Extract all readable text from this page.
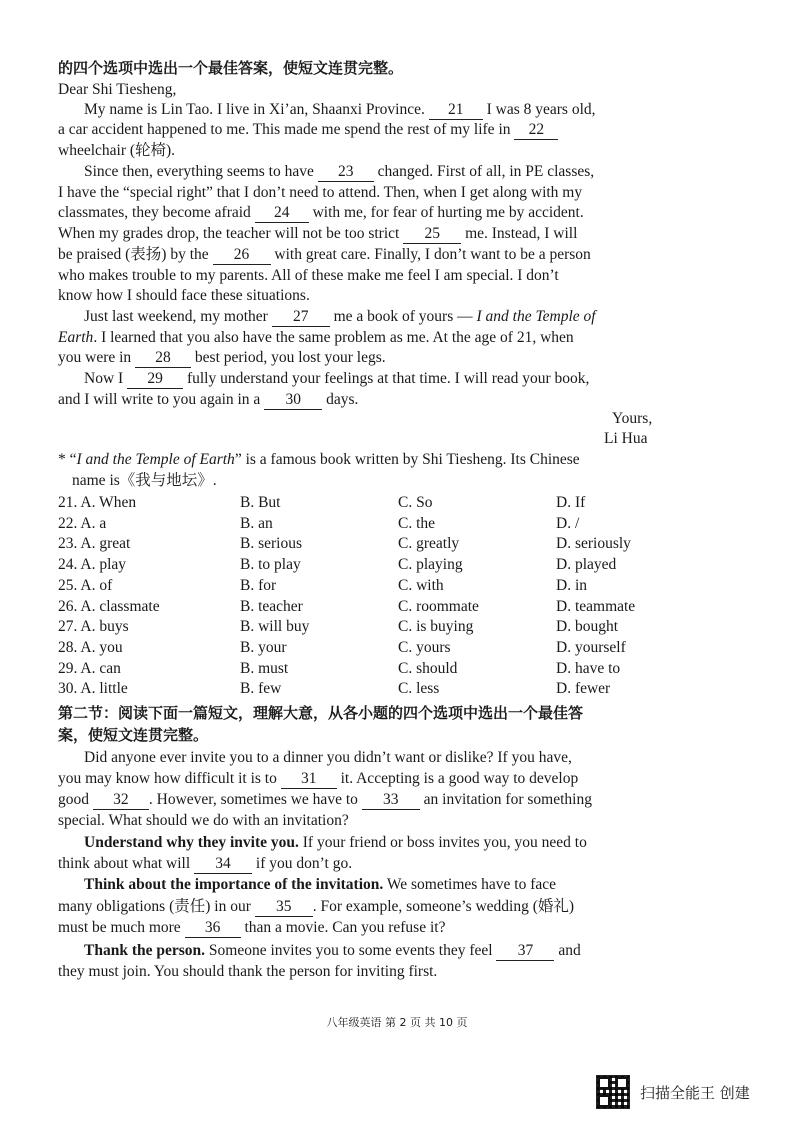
的四个选项中选出一个最佳答案，使短文连贯完整。
Dear Shi Tiesheng,
My name is Lin Tao. I live in Xi’an, Shaanxi Province. 21 I was 8 years old,
a car accident happened to me. This made me spend the rest of my life in 22
wheelchair (轮椅).
Since then, everything seems to have 23 changed. First of all, in PE classes,
I have the “special right” that I don’t need to attend. Then, when I get along with my
classmates, they become afraid 24 with me, for fear of hurting me by accident.
When my grades drop, the teacher will not be too strict 25 me. Instead, I will
be praised (表扬) by the 26 with great care. Finally, I don’t want to be a person
who makes trouble to my parents. All of these make me feel I am special. I don’t
know how I should face these situations.
Just last weekend, my mother 27 me a book of yours — I and the Temple of
Earth. I learned that you also have the same problem as me. At the age of 21, when
you were in 28 best period, you lost your legs.
Now I 29 fully understand your feelings at that time. I will read your book,
and I will write to you again in a 30 days.
Yours,
Li Hua
* “I and the Temple of Earth” is a famous book written by Shi Tiesheng. Its Chinese
name is《我与地坛》.
21. A. When	B. But	C. So	D. If
22. A. a	B. an	C. the	D. /
23. A. great	B. serious	C. greatly	D. seriously
24. A. play	B. to play	C. playing	D. played
25. A. of	B. for	C. with	D. in
26. A. classmate	B. teacher	C. roommate	D. teammate
27. A. buys	B. will buy	C. is buying	D. bought
28. A. you	B. your	C. yours	D. yourself
29. A. can	B. must	C. should	D. have to
30. A. little	B. few	C. less	D. fewer
第二节：阅读下面一篇短文，理解大意，从各小题的四个选项中选出一个最佳答
案，使短文连贯完整。
Did anyone ever invite you to a dinner you didn’t want or dislike? If you have,
you may know how difficult it is to 31 it. Accepting is a good way to develop
good 32 . However, sometimes we have to 33 an invitation for something
special. What should we do with an invitation?
Understand why they invite you. If your friend or boss invites you, you need to
think about what will 34 if you don’t go.
Think about the importance of the invitation. We sometimes have to face
many obligations (责任) in our 35 . For example, someone’s wedding (婚礼)
must be much more 36 than a movie. Can you refuse it?
Thank the person. Someone invites you to some events they feel 37 and
they must join. You should thank the person for inviting first.
八年级英语 第 2 页 共 10 页
扫描全能王 创建
